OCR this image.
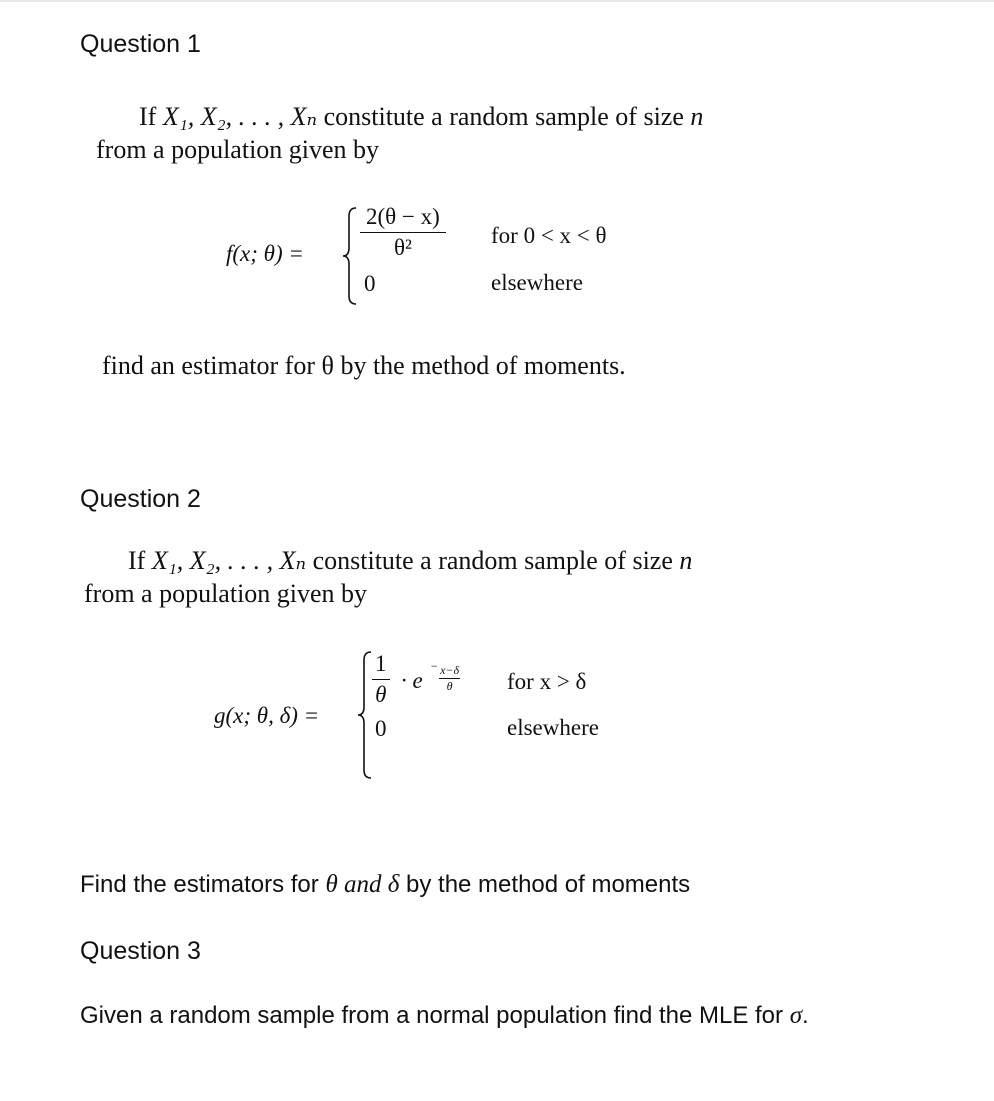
Question 1
If X₁, X₂, . . . , Xₙ constitute a random sample of size n
from a population given by
f(x; $\theta) = \frac{2(\theta - x)}{\text{θ²}}$ for 0 < x < θ
0	elsewhere
find an estimator for θ by the method of moments.
Question 2
If X₁, X₂, . . . , Xₙ constitute a random sample of size n
from a population given by
g(x; θ, δ) =
$\frac{1}{\theta} \cdot e$
− $\frac{x-\delta}{\theta}$ for x > δ
0	elsewhere
Find the estimators for θ and δ by the method of moments
Question 3
Given a random sample from a normal population find the MLE for σ.
